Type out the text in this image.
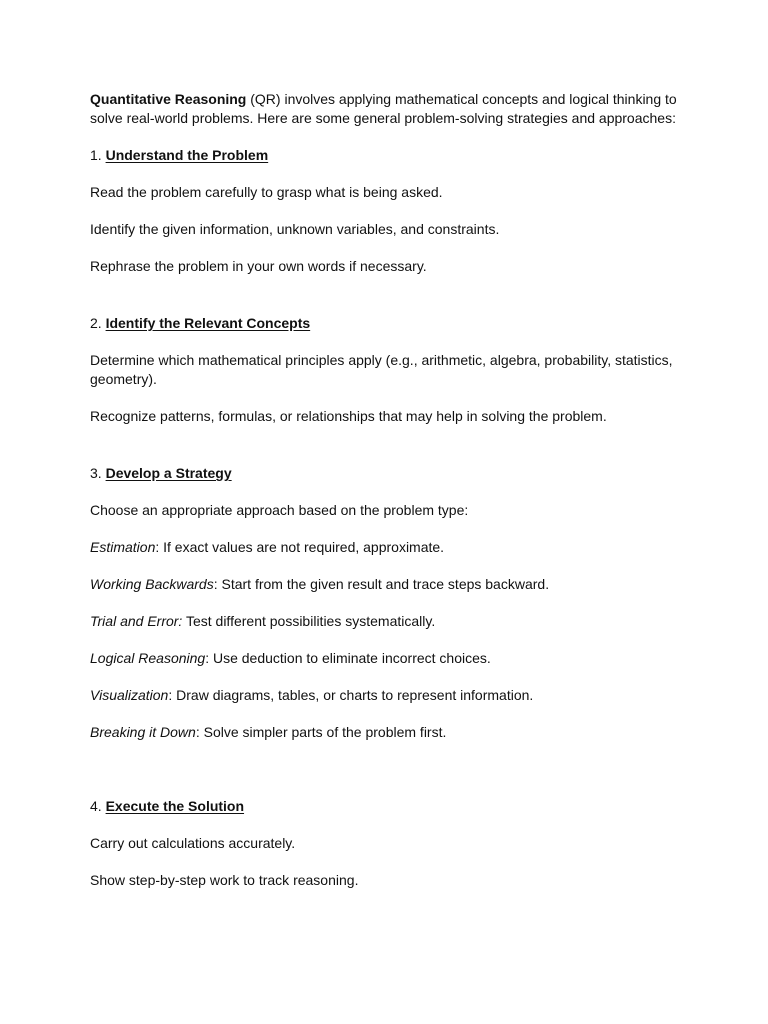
Quantitative Reasoning (QR) involves applying mathematical concepts and logical thinking to solve real-world problems. Here are some general problem-solving strategies and approaches:

1. Understand the Problem

Read the problem carefully to grasp what is being asked.

Identify the given information, unknown variables, and constraints.

Rephrase the problem in your own words if necessary.

2. Identify the Relevant Concepts

Determine which mathematical principles apply (e.g., arithmetic, algebra, probability, statistics, geometry).

Recognize patterns, formulas, or relationships that may help in solving the problem.

3. Develop a Strategy

Choose an appropriate approach based on the problem type:

Estimation: If exact values are not required, approximate.

Working Backwards: Start from the given result and trace steps backward.

Trial and Error: Test different possibilities systematically.

Logical Reasoning: Use deduction to eliminate incorrect choices.

Visualization: Draw diagrams, tables, or charts to represent information.

Breaking it Down: Solve simpler parts of the problem first.

4. Execute the Solution

Carry out calculations accurately.

Show step-by-step work to track reasoning.
